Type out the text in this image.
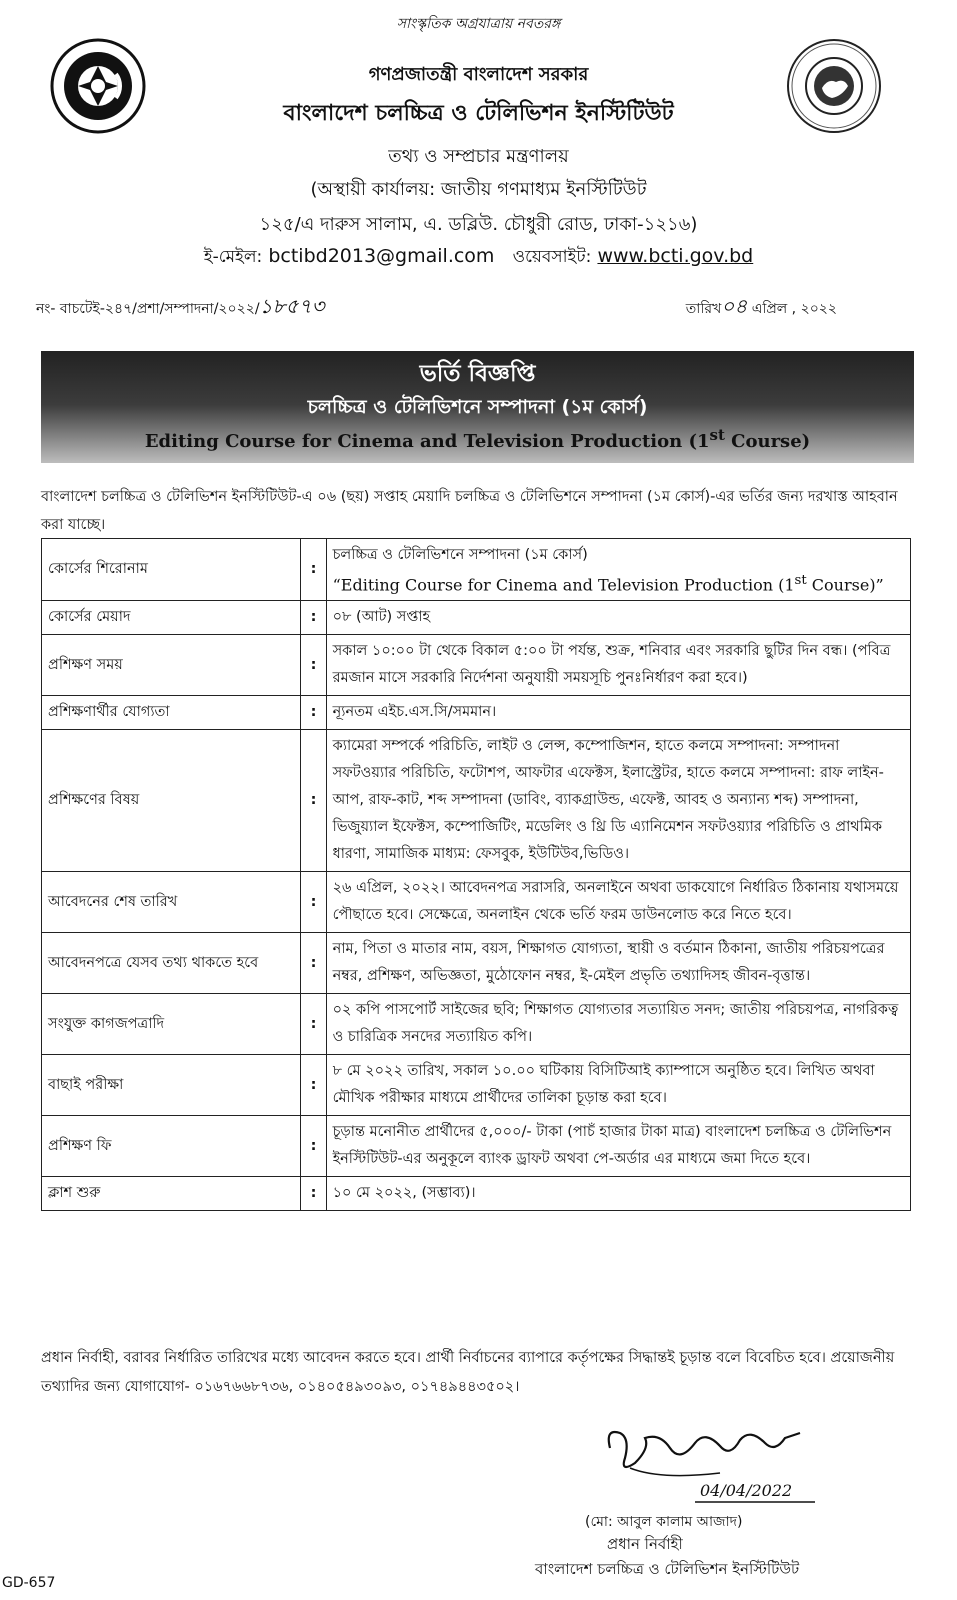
সাংস্কৃতিক অগ্রযাত্রায় নবতরঙ্গ
গণপ্রজাতন্ত্রী বাংলাদেশ সরকার
বাংলাদেশ চলচ্চিত্র ও টেলিভিশন ইনস্টিটিউট
তথ্য ও সম্প্রচার মন্ত্রণালয়
(অস্থায়ী কার্যালয়: জাতীয় গণমাধ্যম ইনস্টিটিউট
১২৫/এ দারুস সালাম, এ. ডব্লিউ. চৌধুরী রোড, ঢাকা-১২১৬)
ই-মেইল: bctibd2013@gmail.com ওয়েবসাইট: www.bcti.gov.bd
নং- বাচটেই-২৪৭/প্রশা/সম্পাদনা/২০২২/১৮৫৭৩	তারিখ০৪ এপ্রিল , ২০২২
ভর্তি বিজ্ঞপ্তি
চলচ্চিত্র ও টেলিভিশনে সম্পাদনা (১ম কোর্স)
Editing Course for Cinema and Television Production (1st Course)
বাংলাদেশ চলচ্চিত্র ও টেলিভিশন ইনস্টিটিউট-এ ০৬ (ছয়) সপ্তাহ মেয়াদি চলচ্চিত্র ও টেলিভিশনে সম্পাদনা (১ম কোর্স)-এর ভর্তির জন্য দরখাস্ত আহবান করা যাচ্ছে।
কোর্সের শিরোনাম	:	চলচ্চিত্র ও টেলিভিশনে সম্পাদনা (১ম কোর্স)
“Editing Course for Cinema and Television Production (1st Course)”

কোর্সের মেয়াদ	:	০৮ (আট) সপ্তাহ
প্রশিক্ষণ সময়	:	সকাল ১০:০০ টা থেকে বিকাল ৫:০০ টা পর্যন্ত, শুক্র, শনিবার এবং সরকারি ছুটির দিন বন্ধ। (পবিত্র রমজান মাসে সরকারি নির্দেশনা অনুযায়ী সময়সূচি পুনঃনির্ধারণ করা হবে।)
প্রশিক্ষণার্থীর যোগ্যতা	:	ন্যূনতম এইচ.এস.সি/সমমান।
প্রশিক্ষণের বিষয়	:	ক্যামেরা সম্পর্কে পরিচিতি, লাইট ও লেন্স, কম্পোজিশন, হাতে কলমে সম্পাদনা: সম্পাদনা সফটওয়্যার পরিচিতি, ফটোশপ, আফটার এফেক্টস, ইলাস্ট্রেটর, হাতে কলমে সম্পাদনা: রাফ লাইন-আপ, রাফ-কাট, শব্দ সম্পাদনা (ডাবিং, ব্যাকগ্রাউন্ড, এফেক্ট, আবহ ও অন্যান্য শব্দ) সম্পাদনা, ভিজুয়্যাল ইফেক্টস, কম্পোজিটিং, মডেলিং ও থ্রি ডি এ্যানিমেশন সফটওয়্যার পরিচিতি ও প্রাথমিক ধারণা, সামাজিক মাধ্যম: ফেসবুক, ইউটিউব,ভিডিও।
আবেদনের শেষ তারিখ	:	২৬ এপ্রিল, ২০২২। আবেদনপত্র সরাসরি, অনলাইনে অথবা ডাকযোগে নির্ধারিত ঠিকানায় যথাসময়ে পৌছাতে হবে। সেক্ষেত্রে, অনলাইন থেকে ভর্তি ফরম ডাউনলোড করে নিতে হবে।
আবেদনপত্রে যেসব তথ্য থাকতে হবে	:	নাম, পিতা ও মাতার নাম, বয়স, শিক্ষাগত যোগ্যতা, স্থায়ী ও বর্তমান ঠিকানা, জাতীয় পরিচয়পত্রের নম্বর, প্রশিক্ষণ, অভিজ্ঞতা, মুঠোফোন নম্বর, ই-মেইল প্রভৃতি তথ্যাদিসহ জীবন-বৃত্তান্ত।
সংযুক্ত কাগজপত্রাদি	:	০২ কপি পাসপোর্ট সাইজের ছবি; শিক্ষাগত যোগ্যতার সত্যায়িত সনদ; জাতীয় পরিচয়পত্র, নাগরিকত্ব ও চারিত্রিক সনদের সত্যায়িত কপি।
বাছাই পরীক্ষা	:	৮ মে ২০২২ তারিখ, সকাল ১০.০০ ঘটিকায় বিসিটিআই ক্যাম্পাসে অনুষ্ঠিত হবে। লিখিত অথবা মৌখিক পরীক্ষার মাধ্যমে প্রার্থীদের তালিকা চূড়ান্ত করা হবে।
প্রশিক্ষণ ফি	:	চূড়ান্ত মনোনীত প্রার্থীদের ৫,০০০/- টাকা (পাচঁ হাজার টাকা মাত্র) বাংলাদেশ চলচ্চিত্র ও টেলিভিশন ইনস্টিটিউট-এর অনুকূলে ব্যাংক ড্রাফট অথবা পে-অর্ডার এর মাধ্যমে জমা দিতে হবে।
ক্লাশ শুরু	:	১০ মে ২০২২, (সম্ভাব্য)।
প্রধান নির্বাহী, বরাবর নির্ধারিত তারিখের মধ্যে আবেদন করতে হবে। প্রার্থী নির্বাচনের ব্যাপারে কর্তৃপক্ষের সিদ্ধান্তই চূড়ান্ত বলে বিবেচিত হবে। প্রয়োজনীয় তথ্যাদির জন্য যোগাযোগ- ০১৬৭৬৬৮৭৩৬, ০১৪০৫৪৯৩০৯৩, ০১৭৪৯৪৪৩৫০২।
04/04/2022
(মো: আবুল কালাম আজাদ)
প্রধান নির্বাহী
বাংলাদেশ চলচ্চিত্র ও টেলিভিশন ইনস্টিটিউট
GD-657
